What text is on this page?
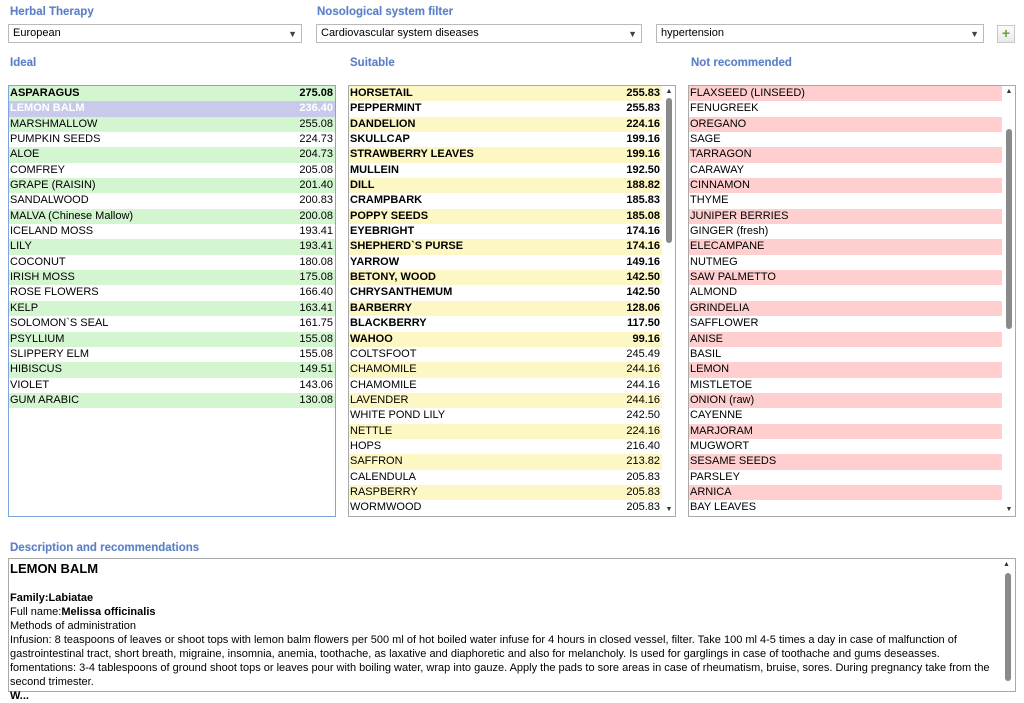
Herbal Therapy
European	▼
Nosological system filter
Cardiovascular system diseases	▼	hypertension	▼	+
Ideal	Suitable	Not recommended
ASPARAGUS	275.08
LEMON BALM	236.40
MARSHMALLOW	255.08
PUMPKIN SEEDS	224.73
ALOE	204.73
COMFREY	205.08
GRAPE (RAISIN)	201.40
SANDALWOOD	200.83
MALVA (Chinese Mallow)	200.08
ICELAND MOSS	193.41
LILY	193.41
COCONUT	180.08
IRISH MOSS	175.08
ROSE FLOWERS	166.40
KELP	163.41
SOLOMON`S SEAL	161.75
PSYLLIUM	155.08
SLIPPERY ELM	155.08
HIBISCUS	149.51
VIOLET	143.06
GUM ARABIC	130.08
HORSETAIL	255.83
PEPPERMINT	255.83
DANDELION	224.16
SKULLCAP	199.16
STRAWBERRY LEAVES	199.16
MULLEIN	192.50
DILL	188.82
CRAMPBARK	185.83
POPPY SEEDS	185.08
EYEBRIGHT	174.16
SHEPHERD`S PURSE	174.16
YARROW	149.16
BETONY, WOOD	142.50
CHRYSANTHEMUM	142.50
BARBERRY	128.06
BLACKBERRY	117.50
WAHOO	99.16
COLTSFOOT	245.49
CHAMOMILE	244.16
CHAMOMILE	244.16
LAVENDER	244.16
WHITE POND LILY	242.50
NETTLE	224.16
HOPS	216.40
SAFFRON	213.82
CALENDULA	205.83
RASPBERRY	205.83
WORMWOOD	205.83
▲
▼
FLAXSEED (LINSEED)
FENUGREEK
OREGANO
SAGE
TARRAGON
CARAWAY
CINNAMON
THYME
JUNIPER BERRIES
GINGER (fresh)
ELECAMPANE
NUTMEG
SAW PALMETTO
ALMOND
GRINDELIA
SAFFLOWER
ANISE
BASIL
LEMON
MISTLETOE
ONION (raw)
CAYENNE
MARJORAM
MUGWORT
SESAME SEEDS
PARSLEY
ARNICA
BAY LEAVES
▲
▼
Description and recommendations
LEMON BALM
Family:Labiatae
Full name:Melissa officinalis
Methods of administration
Infusion: 8 teaspoons of leaves or shoot tops with lemon balm flowers per 500 ml of hot boiled water infuse for 4 hours in closed vessel, filter. Take 100 ml 4-5 times a day in case of malfunction of gastrointestinal tract, short breath, migraine, insomnia, anemia, toothache, as laxative and diaphoretic and also for melancholy. Is used for garglings in case of toothache and gums deseasses.
fomentations: 3-4 tablespoons of ground shoot tops or leaves pour with boiling water, wrap into gauze. Apply the pads to sore areas in case of rheumatism, bruise, sores. During pregnancy take from the second trimester.
W...
▲
